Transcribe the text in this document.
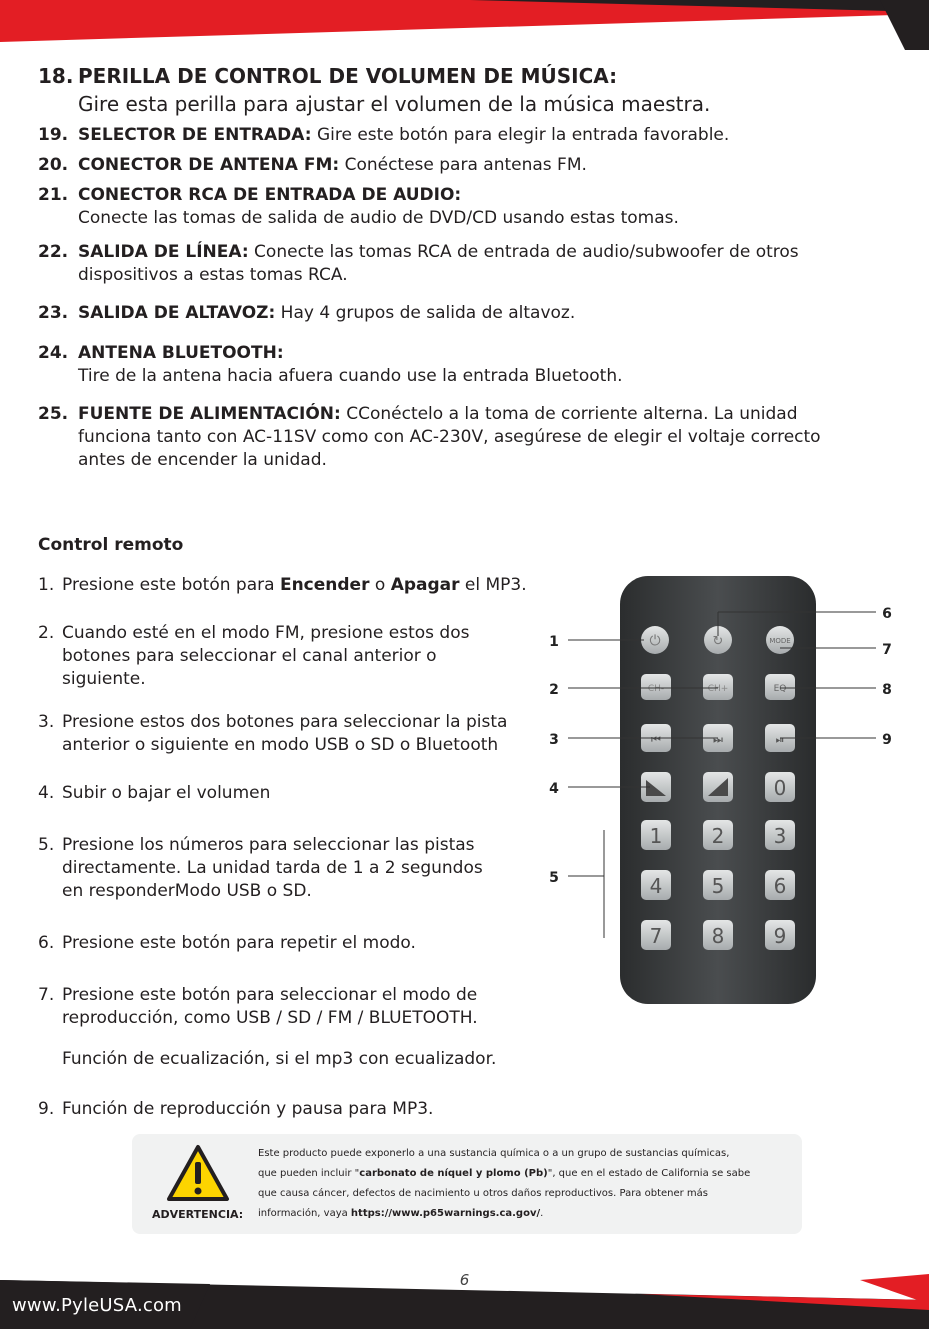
18. PERILLA DE CONTROL DE VOLUMEN DE MÚSICA:
Gire esta perilla para ajustar el volumen de la música maestra.
19. SELECTOR DE ENTRADA: Gire este botón para elegir la entrada favorable.
20. CONECTOR DE ANTENA FM: Conéctese para antenas FM.
21. CONECTOR RCA DE ENTRADA DE AUDIO:
Conecte las tomas de salida de audio de DVD/CD usando estas tomas.
22. SALIDA DE LÍNEA: Conecte las tomas RCA de entrada de audio/subwoofer de otros
dispositivos a estas tomas RCA.
23. SALIDA DE ALTAVOZ: Hay 4 grupos de salida de altavoz.
24. ANTENA BLUETOOTH:
Tire de la antena hacia afuera cuando use la entrada Bluetooth.
25. FUENTE DE ALIMENTACIÓN: CConéctelo a la toma de corriente alterna. La unidad
funciona tanto con AC-11SV como con AC-230V, asegúrese de elegir el voltaje correcto
antes de encender la unidad.
Control remoto
1. Presione este botón para Encender o Apagar el MP3.
2. Cuando esté en el modo FM, presione estos dos
botones para seleccionar el canal anterior o
siguiente.
3. Presione estos dos botones para seleccionar la pista
anterior o siguiente en modo USB o SD o Bluetooth
4. Subir o bajar el volumen
5. Presione los números para seleccionar las pistas
directamente. La unidad tarda de 1 a 2 segundos
en responderModo USB o SD.
6. Presione este botón para repetir el modo.
7. Presione este botón para seleccionar el modo de
reproducción, como USB / SD / FM / BLUETOOTH.
Función de ecualización, si el mp3 con ecualizador.
9. Función de reproducción y pausa para MP3.
⏻	↻	MODE
CH-	CH+	EQ
⏮	⏭	⏯
0
1 2 3
4 5 6
7 8 9
1
2
3
4
5
6
7
8
9
ADVERTENCIA:
Este producto puede exponerlo a una sustancia química o a un grupo de sustancias químicas,
que pueden incluir "carbonato de níquel y plomo (Pb)", que en el estado de California se sabe
que causa cáncer, defectos de nacimiento u otros daños reproductivos. Para obtener más
información, vaya https://www.p65warnings.ca.gov/.
6
www.PyleUSA.com
